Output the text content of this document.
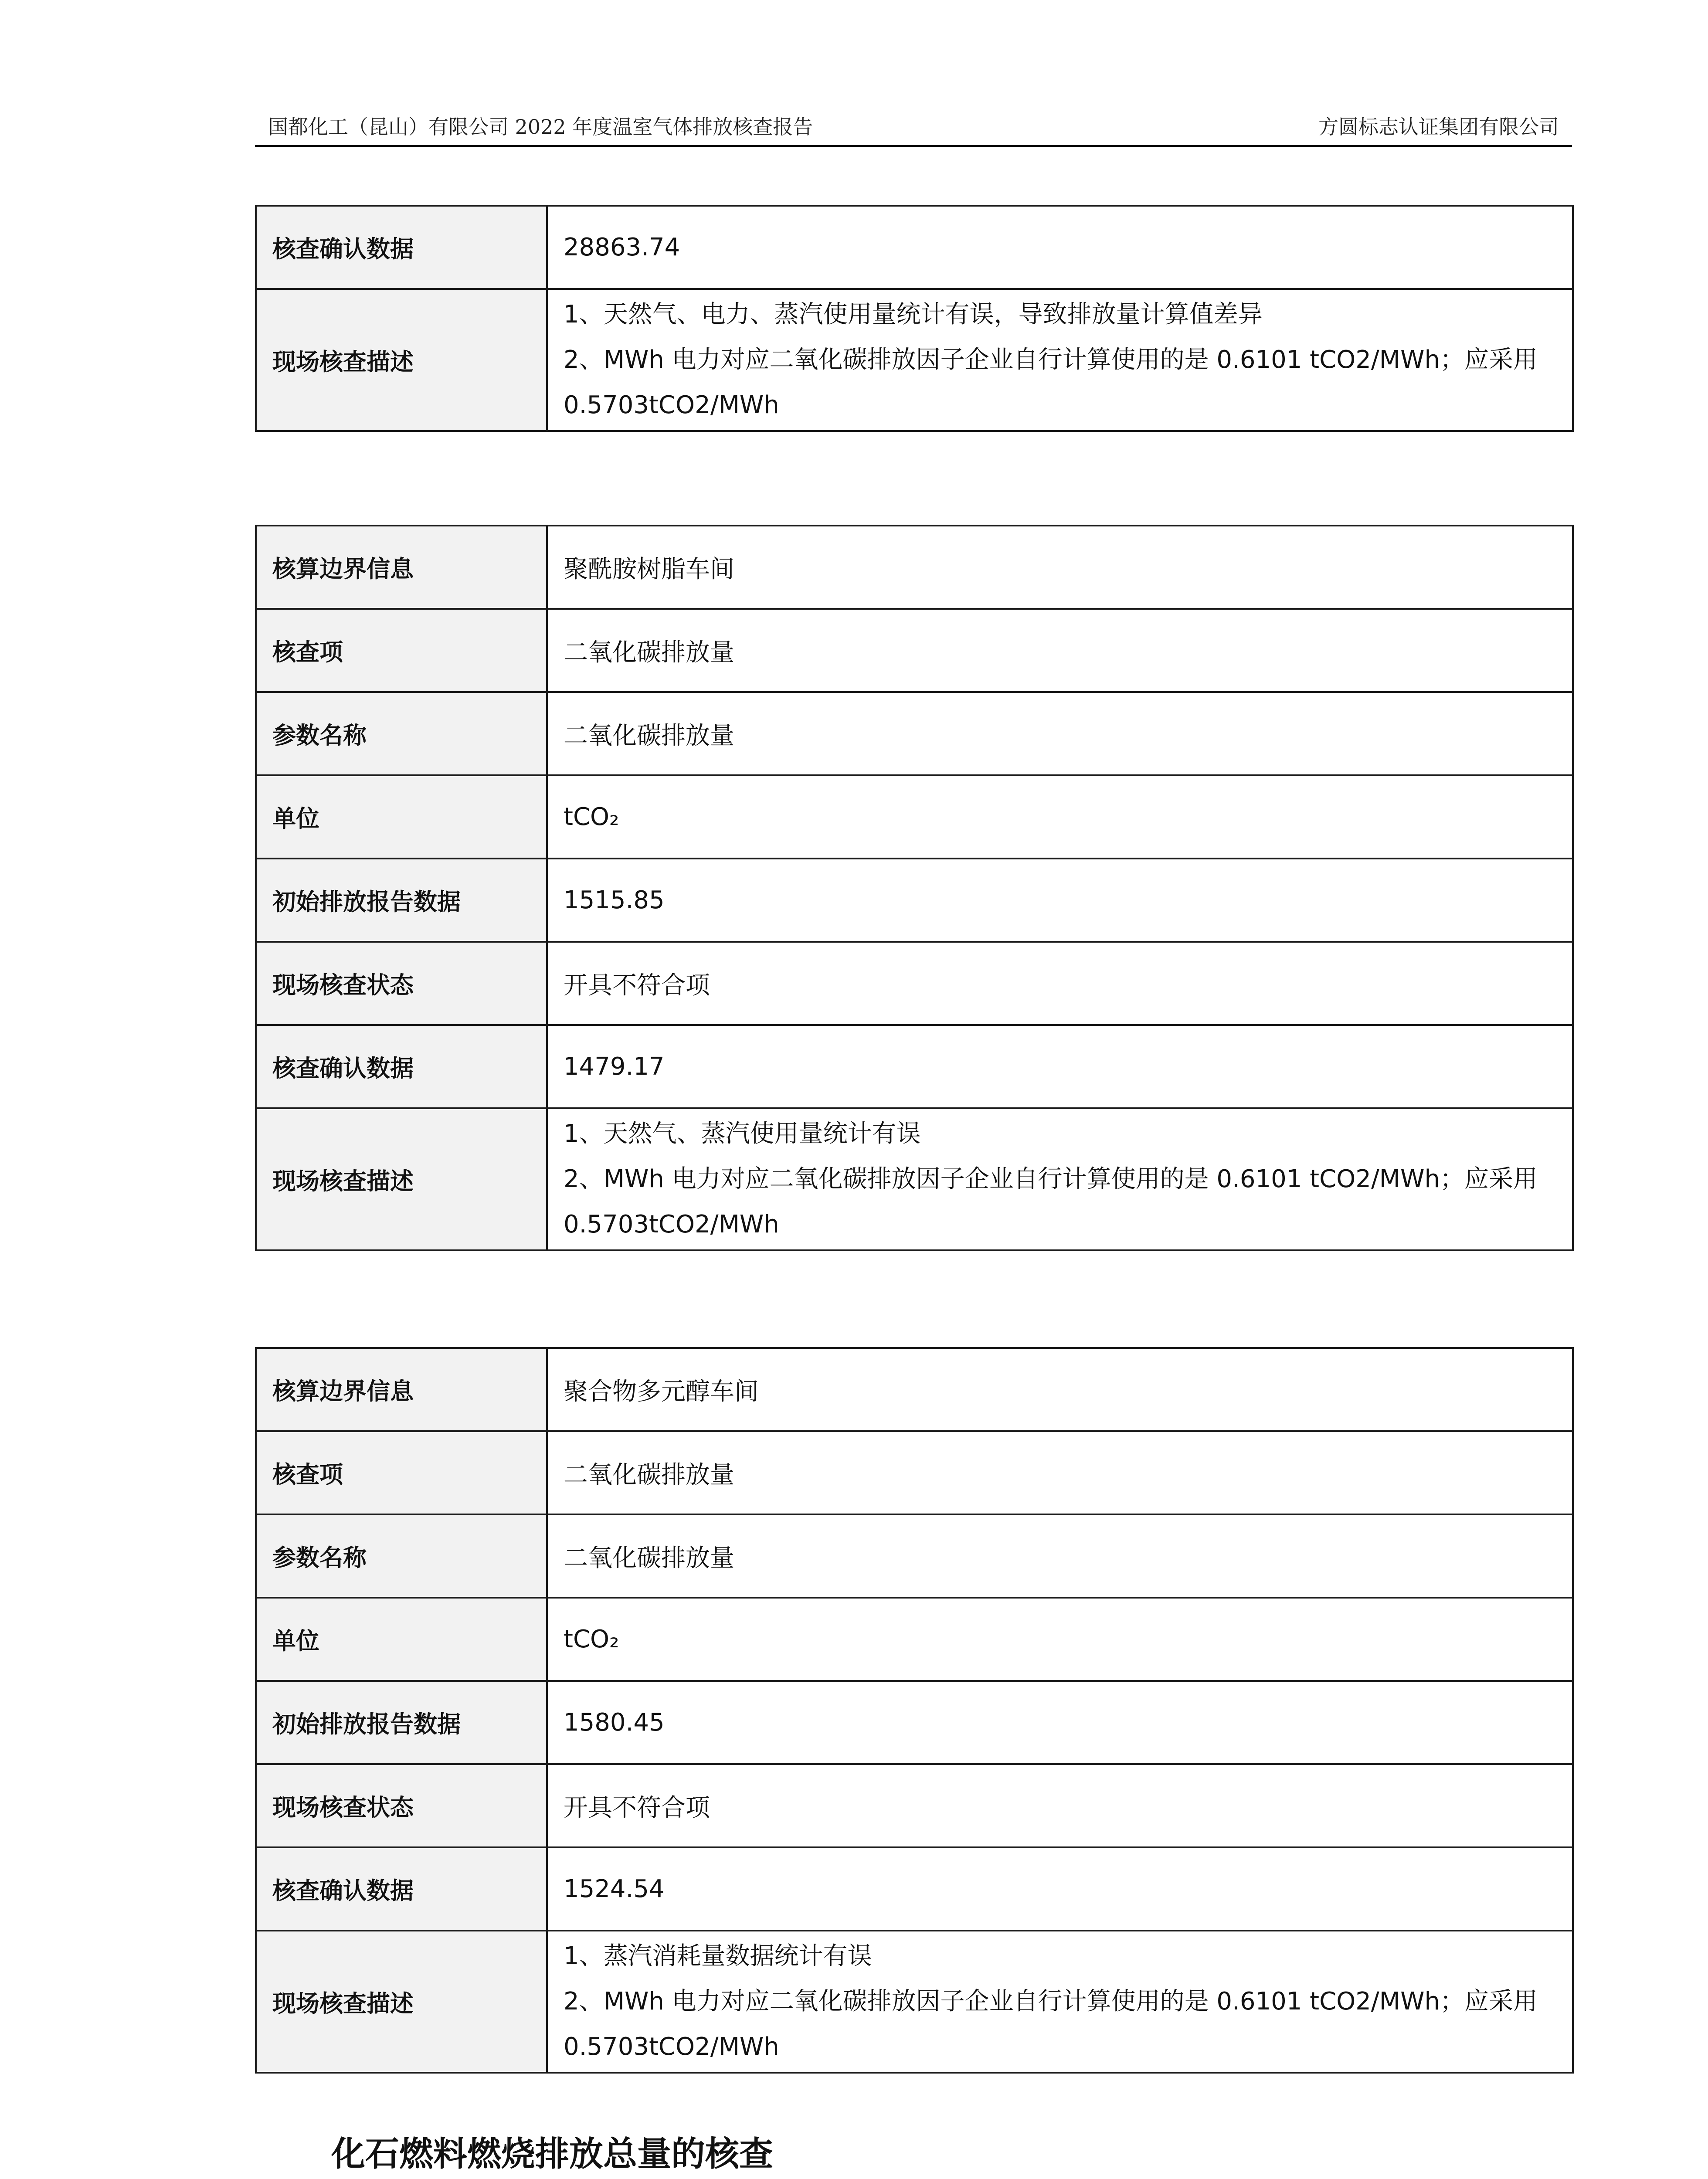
国都化工（昆山）有限公司 2022 年度温室气体排放核查报告	方圆标志认证集团有限公司
核查确认数据	28863.74
现场核查描述	1、天然气、电力、蒸汽使用量统计有误，导致排放量计算值差异
2、MWh 电力对应二氧化碳排放因子企业自行计算使用的是 0.6101 tCO2/MWh；应采用
0.5703tCO2/MWh
核算边界信息	聚酰胺树脂车间
核查项	二氧化碳排放量
参数名称	二氧化碳排放量
单位	tCO₂
初始排放报告数据	1515.85
现场核查状态	开具不符合项
核查确认数据	1479.17
现场核查描述	1、天然气、蒸汽使用量统计有误
2、MWh 电力对应二氧化碳排放因子企业自行计算使用的是 0.6101 tCO2/MWh；应采用
0.5703tCO2/MWh
核算边界信息	聚合物多元醇车间
核查项	二氧化碳排放量
参数名称	二氧化碳排放量
单位	tCO₂
初始排放报告数据	1580.45
现场核查状态	开具不符合项
核查确认数据	1524.54
现场核查描述	1、蒸汽消耗量数据统计有误
2、MWh 电力对应二氧化碳排放因子企业自行计算使用的是 0.6101 tCO2/MWh；应采用
0.5703tCO2/MWh
化石燃料燃烧排放总量的核查
